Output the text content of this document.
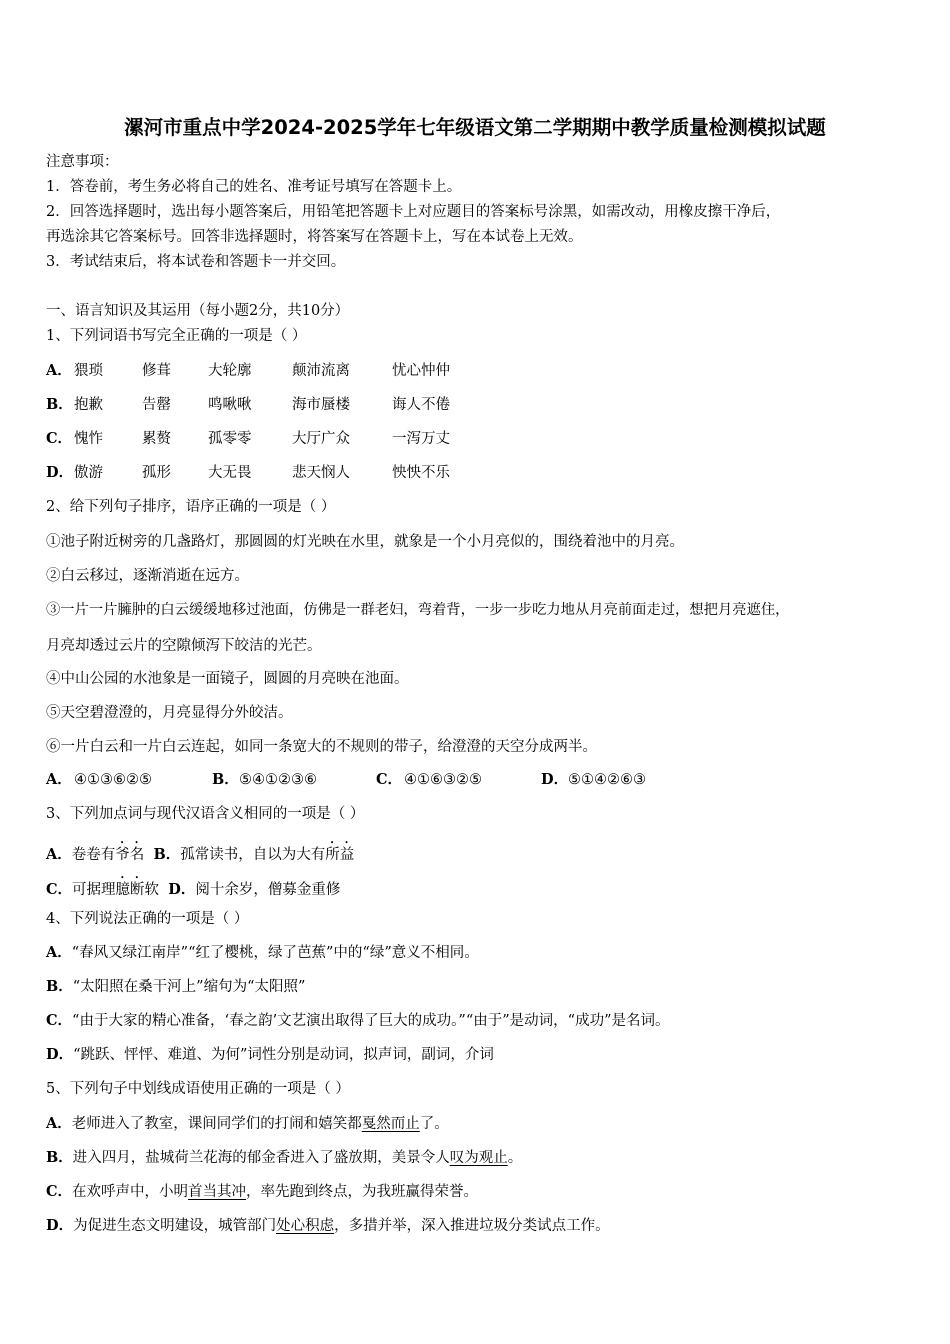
漯河市重点中学2024-2025学年七年级语文第二学期期中教学质量检测模拟试题
注意事项：
1．答卷前，考生务必将自己的姓名、准考证号填写在答题卡上。
2．回答选择题时，选出每小题答案后，用铅笔把答题卡上对应题目的答案标号涂黑，如需改动，用橡皮擦干净后，
再选涂其它答案标号。回答非选择题时，将答案写在答题卡上，写在本试卷上无效。
3．考试结束后，将本试卷和答题卡一并交回。
一、语言知识及其运用（每小题2分，共10分）
1、下列词语书写完全正确的一项是（ ）
A． 猥琐	修葺	大轮廓	颠沛流离	忧心忡仲
B． 抱歉	告罄	鸣啾啾	海市蜃楼	诲人不倦
C． 愧怍	累赘	孤零零	大厅广众	一泻万丈
D． 傲游	孤形	大无畏	悲天悯人	怏怏不乐
2、给下列句子排序，语序正确的一项是（ ）
①池子附近树旁的几盏路灯，那圆圆的灯光映在水里，就象是一个小月亮似的，围绕着池中的月亮。
②白云移过，逐渐消逝在远方。
③一片一片臃肿的白云缓缓地移过池面，仿佛是一群老妇，弯着背，一步一步吃力地从月亮前面走过，想把月亮遮住，
月亮却透过云片的空隙倾泻下皎洁的光芒。
④中山公园的水池象是一面镜子，圆圆的月亮映在池面。
⑤天空碧澄澄的，月亮显得分外皎洁。
⑥一片白云和一片白云连起，如同一条宽大的不规则的带子，给澄澄的天空分成两半。
A． ④①③⑥②⑤	B． ⑤④①②③⑥	C． ④①⑥③②⑤	D． ⑤①④②⑥③
3、下列加点词与现代汉语含义相同的一项是（ ）
A．卷卷有爷名 B．孤常读书，自以为大有所益
C．可据理臆断软 D．阅十余岁，僧募金重修
4、下列说法正确的一项是（ ）
A．“春风又绿江南岸”“红了樱桃，绿了芭蕉”中的“绿”意义不相同。
B．“太阳照在桑干河上”缩句为“太阳照”
C．“由于大家的精心准备，‘春之韵’文艺演出取得了巨大的成功。”“由于”是动词，“成功”是名词。
D．“跳跃、怦怦、难道、为何”词性分别是动词，拟声词，副词，介词
5、下列句子中划线成语使用正确的一项是（ ）
A．老师进入了教室，课间同学们的打闹和嬉笑都戛然而止了。
B．进入四月，盐城荷兰花海的郁金香进入了盛放期，美景令人叹为观止。
C．在欢呼声中，小明首当其冲，率先跑到终点，为我班赢得荣誉。
D．为促进生态文明建设，城管部门处心积虑，多措并举，深入推进垃圾分类试点工作。
